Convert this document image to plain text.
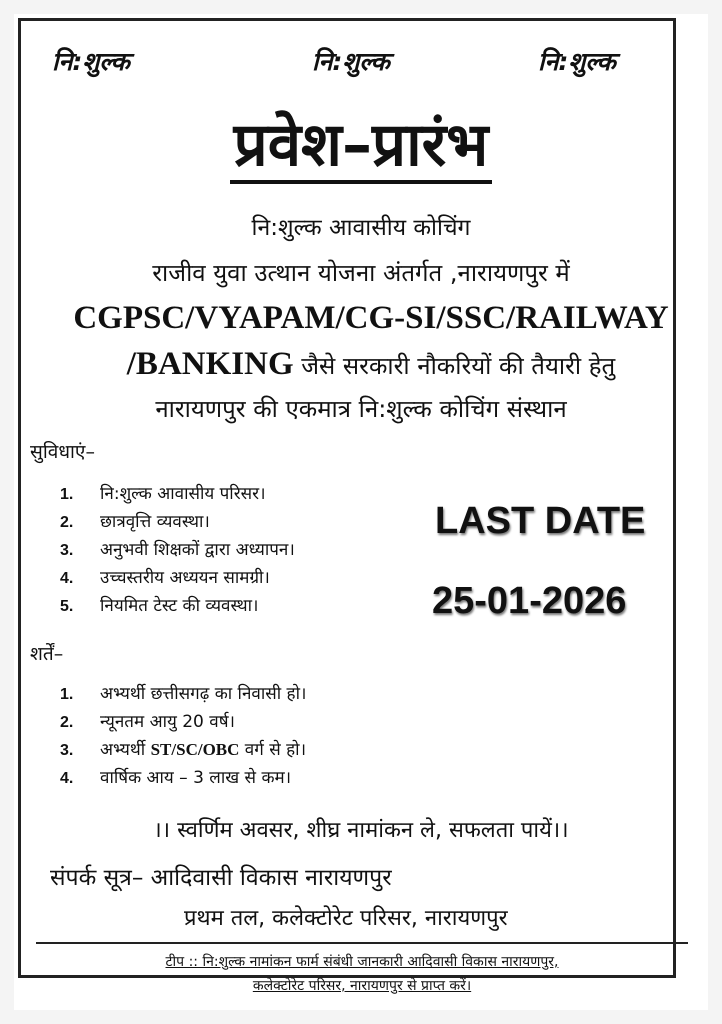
नि:शुल्क	नि:शुल्क	नि:शुल्क
प्रवेश–प्रारंभ
नि:शुल्क आवासीय कोचिंग
राजीव युवा उत्थान योजना अंतर्गत ,नारायणपुर में
CGPSC/VYAPAM/CG-SI/SSC/RAILWAY
/BANKING जैसे सरकारी नौकरियों की तैयारी हेतु
नारायणपुर की एकमात्र नि:शुल्क कोचिंग संस्थान
सुविधाएं–
1. नि:शुल्क आवासीय परिसर।
2. छात्रवृत्ति व्यवस्था।
3. अनुभवी शिक्षकों द्वारा अध्यापन।
4. उच्चस्तरीय अध्ययन सामग्री।
5. नियमित टेस्ट की व्यवस्था।
LAST DATE
25-01-2026
शर्तें–
1. अभ्यर्थी छत्तीसगढ़ का निवासी हो।
2. न्यूनतम आयु 20 वर्ष।
3. अभ्यर्थी ST/SC/OBC वर्ग से हो।
4. वार्षिक आय – 3 लाख से कम।
।। स्वर्णिम अवसर, शीघ्र नामांकन ले, सफलता पायें।।
संपर्क सूत्र– आदिवासी विकास नारायणपुर
प्रथम तल, कलेक्टोरेट परिसर, नारायणपुर
टीप :: नि:शुल्क नामांकन फार्म संबंधी जानकारी आदिवासी विकास नारायणपुर,
कलेक्टोरेट परिसर, नारायणपुर से प्राप्त करें।
